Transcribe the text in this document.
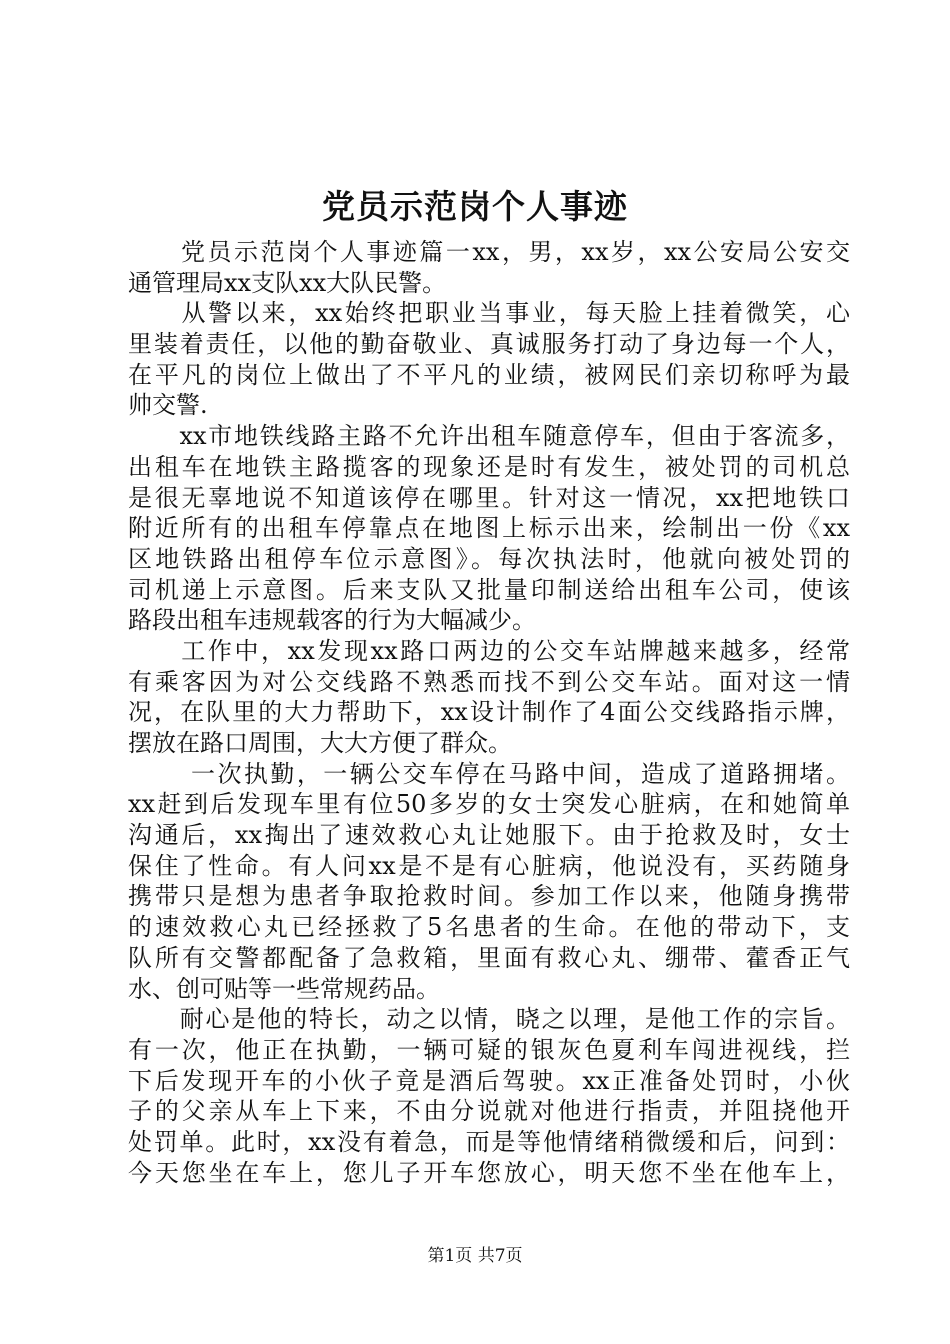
党员示范岗个人事迹
　　党员示范岗个人事迹篇一xx，男，xx岁，xx公安局公安交
通管理局xx支队xx大队民警。
　　从警以来，xx始终把职业当事业，每天脸上挂着微笑，心
里装着责任，以他的勤奋敬业、真诚服务打动了身边每一个人，
在平凡的岗位上做出了不平凡的业绩，被网民们亲切称呼为最
帅交警.
　　xx市地铁线路主路不允许出租车随意停车，但由于客流多，
出租车在地铁主路揽客的现象还是时有发生，被处罚的司机总
是很无辜地说不知道该停在哪里。针对这一情况，xx把地铁口
附近所有的出租车停靠点在地图上标示出来，绘制出一份《xx
区地铁路出租停车位示意图》。每次执法时，他就向被处罚的
司机递上示意图。后来支队又批量印制送给出租车公司，使该
路段出租车违规载客的行为大幅减少。
　　工作中，xx发现xx路口两边的公交车站牌越来越多，经常
有乘客因为对公交线路不熟悉而找不到公交车站。面对这一情
况，在队里的大力帮助下，xx设计制作了4面公交线路指示牌，
摆放在路口周围，大大方便了群众。
　　 一次执勤，一辆公交车停在马路中间，造成了道路拥堵。
xx赶到后发现车里有位50多岁的女士突发心脏病，在和她简单
沟通后，xx掏出了速效救心丸让她服下。由于抢救及时，女士
保住了性命。有人问xx是不是有心脏病，他说没有，买药随身
携带只是想为患者争取抢救时间。参加工作以来，他随身携带
的速效救心丸已经拯救了5名患者的生命。在他的带动下，支
队所有交警都配备了急救箱，里面有救心丸、绷带、藿香正气
水、创可贴等一些常规药品。
　　耐心是他的特长，动之以情，晓之以理，是他工作的宗旨。
有一次，他正在执勤，一辆可疑的银灰色夏利车闯进视线，拦
下后发现开车的小伙子竟是酒后驾驶。xx正准备处罚时，小伙
子的父亲从车上下来，不由分说就对他进行指责，并阻挠他开
处罚单。此时，xx没有着急，而是等他情绪稍微缓和后，问到：
今天您坐在车上，您儿子开车您放心，明天您不坐在他车上，
第1页 共7页
